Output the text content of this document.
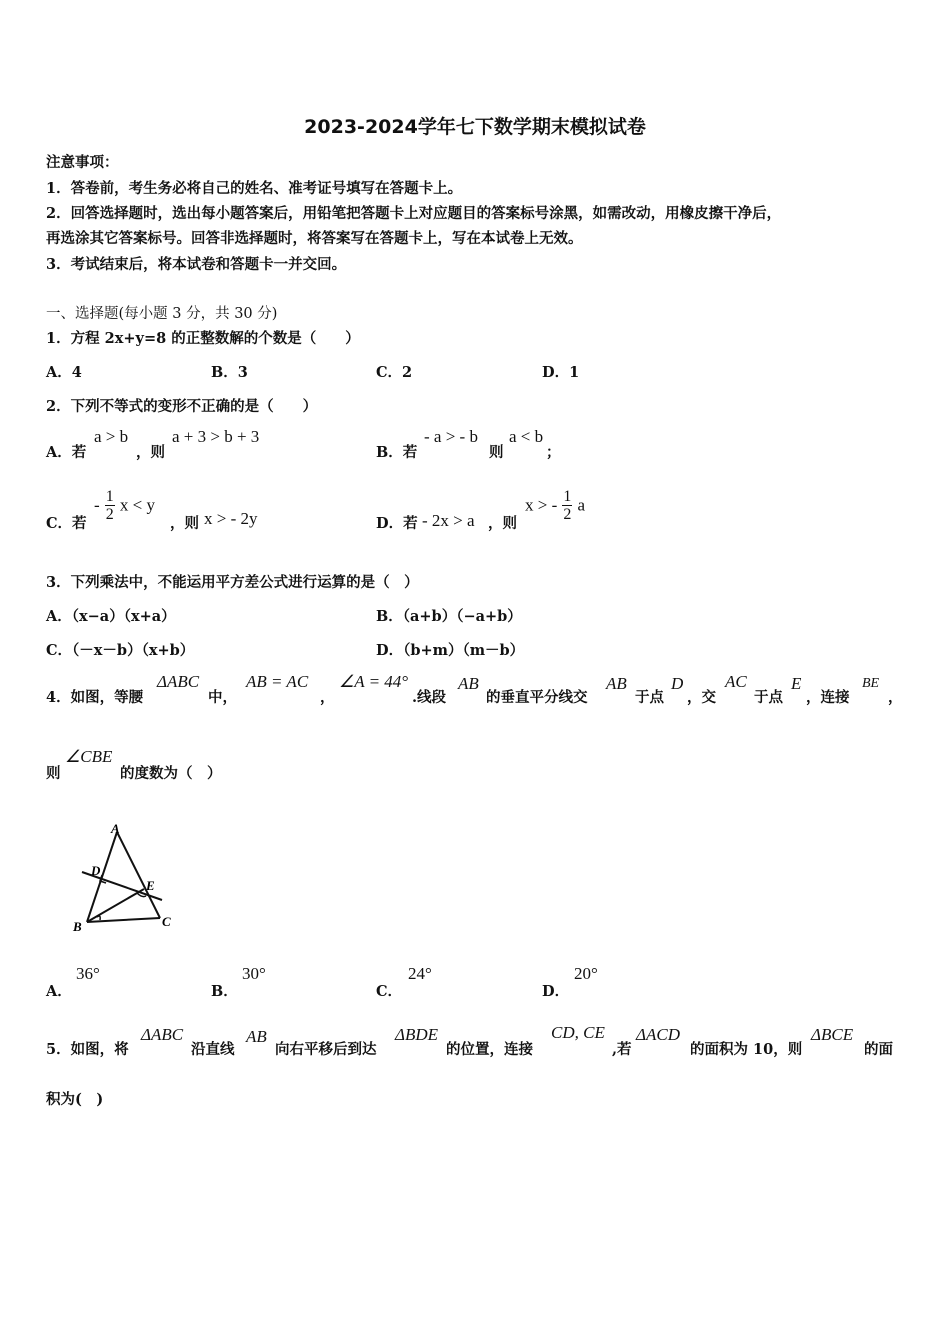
2023-2024学年七下数学期末模拟试卷
注意事项：
1．答卷前，考生务必将自己的姓名、准考证号填写在答题卡上。
2．回答选择题时，选出每小题答案后，用铅笔把答题卡上对应题目的答案标号涂黑，如需改动，用橡皮擦干净后，
再选涂其它答案标号。回答非选择题时，将答案写在答题卡上，写在本试卷上无效。
3．考试结束后，将本试卷和答题卡一并交回。
一、选择题(每小题 3 分，共 30 分)
1．方程 2x+y=8 的正整数解的个数是（　　）
A．4	B．3	C．2	D．1
2．下列不等式的变形不正确的是（　　）
A．若
a > b
，则
a + 3 > b + 3
B．若
- a > - b
则
a < b
；
C．若
- $\frac{1}{2}$ x < y
，则 x > - 2y	D．若 - 2x > a ，则
x > - $\frac{1}{2}$ a
3．下列乘法中，不能运用平方差公式进行运算的是（　）
A．（x−a）（x+a）	B．（a+b）（−a+b）
C．（－x－b）（x+b）	D．（b+m）（m－b）
4．如图，等腰
ΔABC
中，
AB = AC
，
∠A = 44°
.线段
AB
的垂直平分线交
AB
于点
D
，交
AC
于点
E
，连接
BE
，
则
∠CBE
的度数为（　）
A
B	C
D
E
A．
36°
B．
30°
C．
24°
D．
20°
5．如图，将
ΔABC
沿直线
AB
向右平移后到达
ΔBDE
的位置，连接
CD, CE
,若
ΔACD
的面积为 10，则
ΔBCE
的面
积为(　)
